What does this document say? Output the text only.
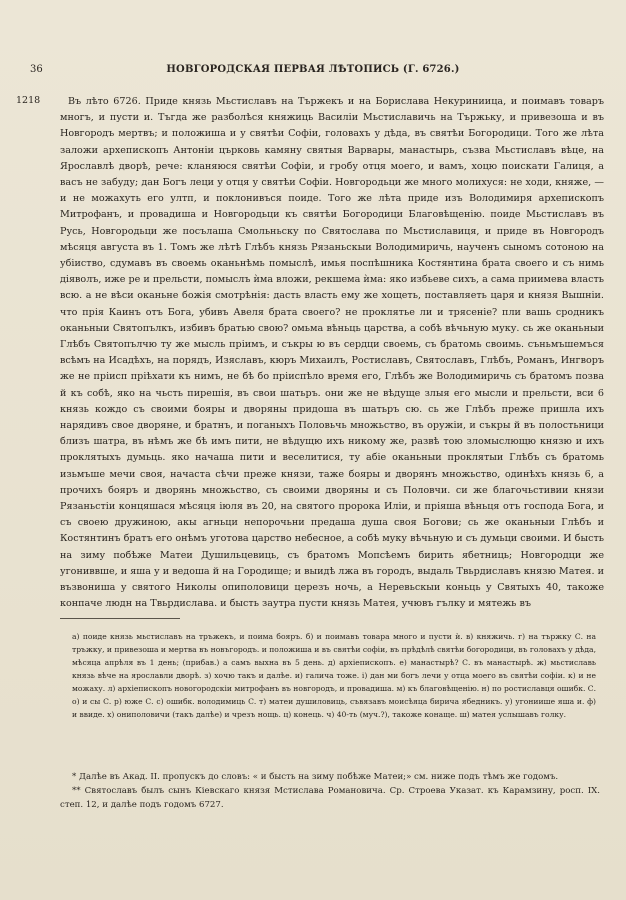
36	НОВГОРОДСКАЯ ПЕРВАЯ ЛѢТОПИСЬ (Г. 6726.)
1218	Въ лѣто 6726. Приде князь Мьстиславъ на Тържекъ и на Борислава Некуриниица, и поимавъ товаръ многъ, и пусти и. Тъгда же разболѣся княжиць Василiи Мьстиславичь на Тържьку, и привезоша и въ Новгородъ мертвъ; и положиша и у святѣи Софiи, головахъ у дѣда, въ святѣи Богородици. Того же лѣта заложи архепископъ Антонiи църковь камяну святыя Варвары, манастырь, съзва Мьстиславъ вѣце, на Ярославлѣ дворѣ, рече: кланяюся святѣи Софiи, и гробу отця моего, и вамъ, хоцю поискати Галиця, а васъ не забуду; дан Богъ леци у отця у святѣи Софiи. Новгородьци же много молихуся: не ходи, княже, — и не можахуть его ултп, и поклонивъся поиде. Того же лѣта приде изъ Володимиря архепископъ Митрофанъ, и провадиша и Новгородьци къ святѣи Богородици Благовѣщенiю. поиде Мьстиславъ въ Русь, Новгородьци же посълаша Смольньску по Святослава по Мьстиславиця, и приде въ Новгородъ мѣсяця августа въ 1. Томъ же лѣтѣ Глѣбъ князь Рязаньскыи Володимиричь, наученъ сыномъ сотоною на убiиство, сдумавъ въ своемь оканьнѣмь помыслѣ, имья поспѣшника Костянтина брата своего и съ нимь дiяволъ, иже ре и прельсти, помыслъ ѝма вложи, рекшема ѝма: яко избьеве сихъ, а сама приимева власть всю. а не вѣси оканьне божiя смотрѣнiя: дасть власть ему же хощеть, поставляеть царя и князя Вышнiи. что прiя Каинъ отъ Бога, убивъ Авеля брата своего? не проклятье ли и трясенiе? пли вашь сродникъ оканьныи Святопълкъ, избивъ братью свою? омьма вѣньць царства, а собѣ вѣчьную муку. сь же оканьныи Глѣбъ Святопълчю ту же мысль прiимъ, и съкры ю въ сердци своемь, съ братомь своимь. съньмъшемъся всѣмъ на Исадѣхъ, на порядъ, Изяславъ, кюръ Михаилъ, Ростиславъ, Святославъ, Глѣбъ, Романъ, Ингворъ же не прiисп прiѣхати къ нимъ, не бѣ бо прiиспѣло время его, Глѣбъ же Володимиричь съ братомъ позва й къ собѣ, яко на чьсть пирешiя, въ свои шатьръ. они же не вѣдуще злыя его мысли и прельсти, вси 6 князь кождо съ своими бояры и дворяны придоша въ шатьръ сю. сь же Глѣбъ преже пришла ихъ нарядивъ свое дворяне, и братнъ, и поганыхъ Половьчь множьство, въ оружiи, и съкры й въ полостьници близъ шатра, въ нѣмъ же бѣ имъ пити, не вѣдущю ихъ никому же, развѣ тою зломыслющю князю и ихъ проклятыхъ думьць. яко начаша пити и веселитися, ту абiе оканьныи проклятыи Глѣбъ съ братомь изьмъше мечи своя, начаста сѣчи преже князи, таже бояры и дворянъ множьство, одинѣхъ князь 6, а прочихъ бояръ и дворянь множьство, съ своими дворяны и съ Половчи. си же благочьстивии князи Рязаньстiи концяшася мѣсяця iюля въ 20, на святого пророка Илiи, и прiяша вѣньця отъ господа Бога, и съ своею дружиною, акы агньци непорочьни предаша душа своя Богови; сь же оканьныи Глѣбъ и Костянтинъ братъ его онѣмъ уготова царство небесное, а собѣ муку вѣчьную и съ думьци своими. И бысть на зиму побѣже Матеи Душильцевиць, съ братомъ Мопсѣемъ бирить ябетниць; Новгородци же угониввше, и яша у и ведоша й на Городище; и выидѣ лжа въ городъ, выдаль Твьрдиславъ князю Матея. и възвониша у святого Николы опиполовици церезъ ночь, а Неревьскыи коньць у Святыхъ 40, такоже конпаче людн на Твьрдислава. и бысть заутра пусти князь Матея, учювъ гълку и мятежь въ

а) поиде князь мьстиславъ на тръжекъ, и поима бояръ. б) и поимавъ товара много и пусти ѝ. в) княжичь. г) на тържку С. на тръжку, и привезоша и мертва въ новъгородъ. и положиша и въ святѣи софiи, въ прѣдѣлѣ святѣи богородици, въ головахъ у дѣда, мѣсяца апрѣля въ 1 день; (прибав.) а самъ выхна въ 5 день. д) архiепископъ. е) манастырѣ? С. въ манастырѣ. ж) мьстиславь князь вѣче на ярославли дворѣ. з) хочю такъ и далѣе. и) галича тоже. i) дан ми богъ лечи у отца моего въ святѣи софiи. к) и не можаху. л) архiепископъ новогородскiи митрофанъ въ новгородъ, и провадиша. м) къ благовѣщенiю. н) по ростиславця ошибк. С. о) и сы С. р) юже С. с) ошибк. володимиць С. т) матеи душиловиць, съвязавъ моисѣяца бирича ябедникъ. у) угониише яша и. ф) и ввиде. х) ониполовичи (такъ далѣе) и чрезъ нощь. ц) конець. ч) 40-ть (муч.?), такоже конаще. ш) матея услышавъ голку.

* Далѣе въ Акад. II. пропускъ до словъ: « и бысть на зиму побѣже Матеи;» см. ниже подъ тѣмъ же годомъ.

** Святославъ былъ сынъ Кiевскаго князя Мстислава Романовича. Ср. Строева Указат. къ Карамзину, росп. IX. степ. 12, и далѣе подъ годомъ 6727.
